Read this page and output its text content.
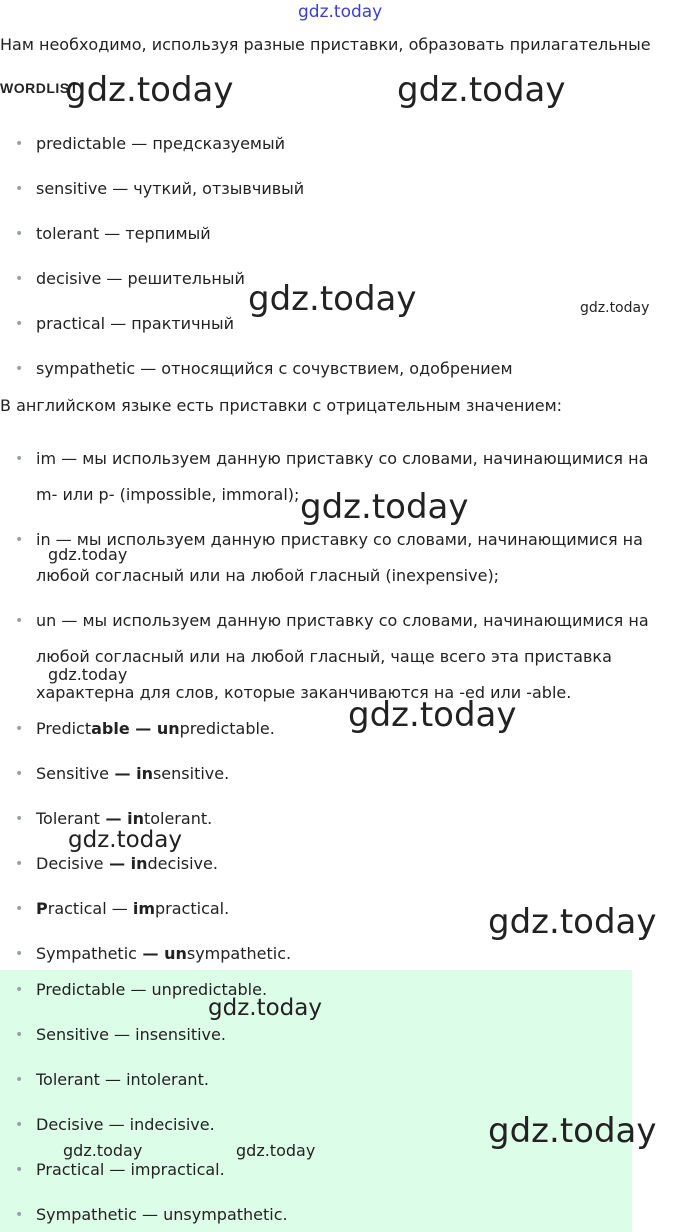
gdz.today
Нам необходимо, используя разные приставки, образовать прилагательные
WORDLIST
• predictable — предсказуемый
• sensitive — чуткий, отзывчивый
• tolerant — терпимый
• decisive — решительный
• practical — практичный
• sympathetic — относящийся с сочувствием, одобрением
В английском языке есть приставки с отрицательным значением:
• im — мы используем данную приставку со словами, начинающимися на
m- или p- (impossible, immoral);
• in — мы используем данную приставку со словами, начинающимися на
любой согласный или на любой гласный (inexpensive);
• un — мы используем данную приставку со словами, начинающимися на
любой согласный или на любой гласный, чаще всего эта приставка
характерна для слов, которые заканчиваются на -ed или -able.
• Predictable — unpredictable.
• Sensitive — insensitive.
• Tolerant — intolerant.
• Decisive — indecisive.
• Practical — impractical.
• Sympathetic — unsympathetic.
• Predictable — unpredictable.
• Sensitive — insensitive.
• Tolerant — intolerant.
• Decisive — indecisive.
• Practical — impractical.
• Sympathetic — unsympathetic.
gdz.today	gdz.today
gdz.today	gdz.today
gdz.today
gdz.today
gdz.today
gdz.today
gdz.today
gdz.today
gdz.today
gdz.today
gdz.today	gdz.today
